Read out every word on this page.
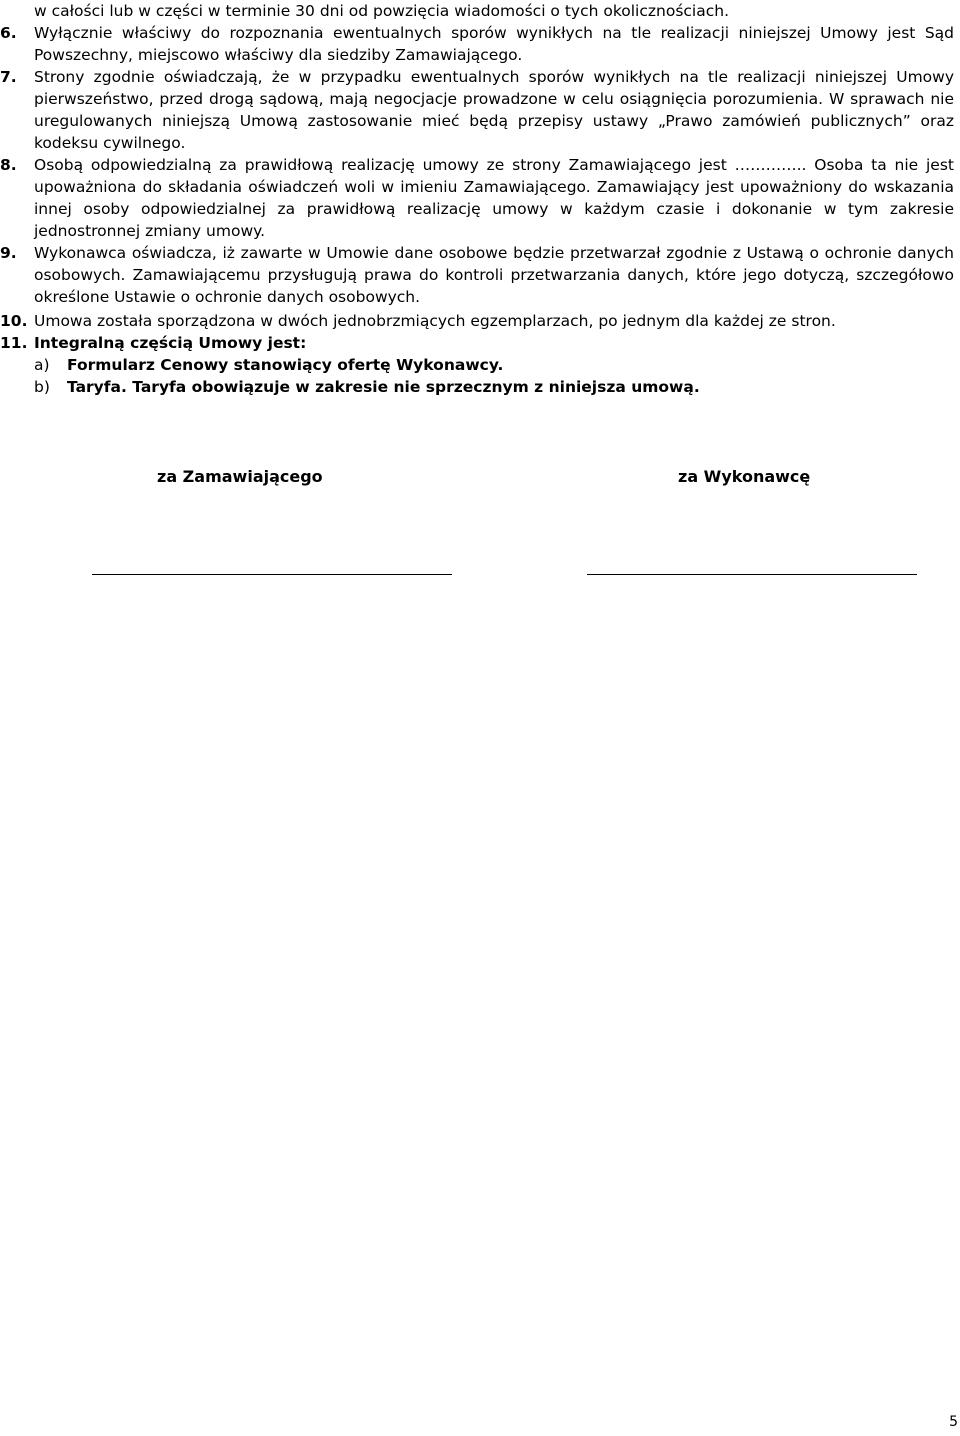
w całości lub w części w terminie 30 dni od powzięcia wiadomości o tych okolicznościach.

6.	Wyłącznie właściwy do rozpoznania ewentualnych sporów wynikłych na tle realizacji niniejszej Umowy jest Sąd Powszechny, miejscowo właściwy dla siedziby Zamawiającego.
7.	Strony zgodnie oświadczają, że w przypadku ewentualnych sporów wynikłych na tle realizacji niniejszej Umowy pierwszeństwo, przed drogą sądową, mają negocjacje prowadzone w celu osiągnięcia porozumienia. W sprawach nie uregulowanych niniejszą Umową zastosowanie mieć będą przepisy ustawy „Prawo zamówień publicznych” oraz kodeksu cywilnego.
8.	Osobą odpowiedzialną za prawidłową realizację umowy ze strony Zamawiającego jest ………….. Osoba ta nie jest upoważniona do składania oświadczeń woli w imieniu Zamawiającego. Zamawiający jest upoważniony do wskazania innej osoby odpowiedzialnej za prawidłową realizację umowy w każdym czasie i dokonanie w tym zakresie jednostronnej zmiany umowy.
9.	Wykonawca oświadcza, iż zawarte w Umowie dane osobowe będzie przetwarzał zgodnie z Ustawą o ochronie danych osobowych. Zamawiającemu przysługują prawa do kontroli przetwarzania danych, które jego dotyczą, szczegółowo określone Ustawie o ochronie danych osobowych.
10. Umowa została sporządzona w dwóch jednobrzmiących egzemplarzach, po jednym dla każdej ze stron.
11. Integralną częścią Umowy jest:
a) Formularz Cenowy stanowiący ofertę Wykonawcy.
b) Taryfa. Taryfa obowiązuje w zakresie nie sprzecznym z niniejsza umową.
za Zamawiającego	za Wykonawcę
5
